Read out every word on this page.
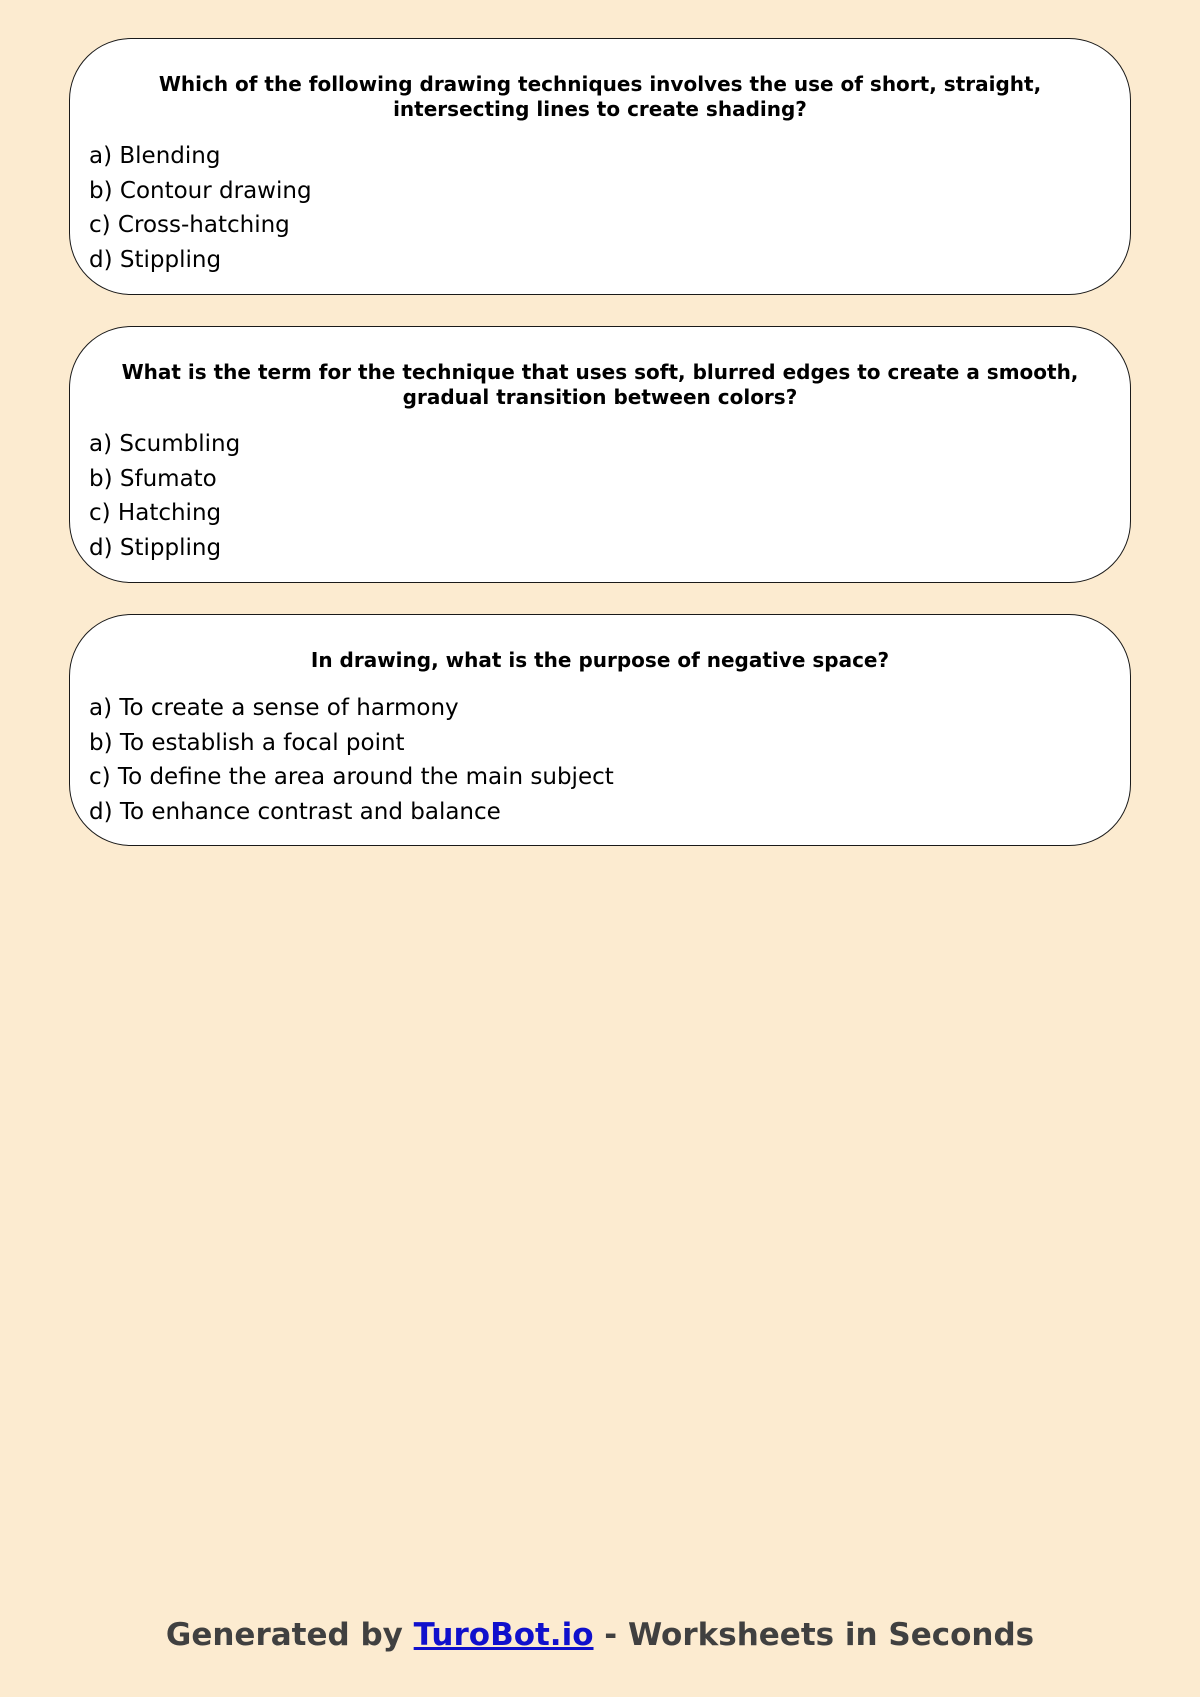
Which of the following drawing techniques involves the use of short, straight, intersecting lines to create shading?

a) Blending
b) Contour drawing
c) Cross-hatching
d) Stippling

What is the term for the technique that uses soft, blurred edges to create a smooth, gradual transition between colors?

a) Scumbling
b) Sfumato
c) Hatching
d) Stippling

In drawing, what is the purpose of negative space?

a) To create a sense of harmony
b) To establish a focal point
c) To define the area around the main subject
d) To enhance contrast and balance
Generated by TuroBot.io - Worksheets in Seconds
